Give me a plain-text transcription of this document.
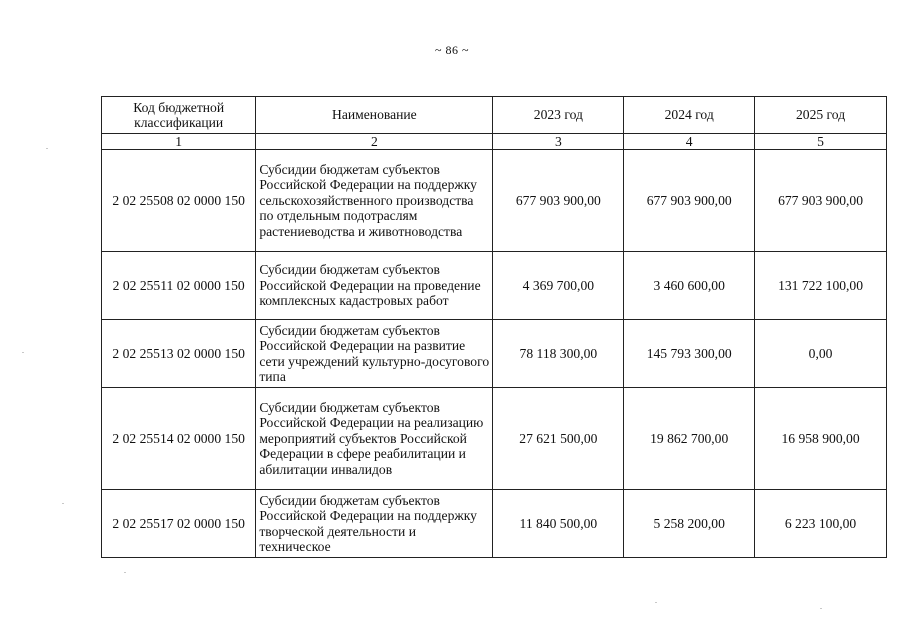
~ 86 ~
Код бюджетной классификации	Наименование	2023 год	2024 год	2025 год
1	2	3	4	5
2 02 25508 02 0000 150	Субсидии бюджетам субъектов Российской Федерации на поддержку сельскохозяйственного производства по отдельным подотраслям растениеводства и животноводства	677 903 900,00	677 903 900,00	677 903 900,00
2 02 25511 02 0000 150	Субсидии бюджетам субъектов Российской Федерации на проведение комплексных кадастровых работ	4 369 700,00	3 460 600,00	131 722 100,00
2 02 25513 02 0000 150	Субсидии бюджетам субъектов Российской Федерации на развитие сети учреждений культурно-досугового типа	78 118 300,00	145 793 300,00	0,00
2 02 25514 02 0000 150	Субсидии бюджетам субъектов Российской Федерации на реализацию мероприятий субъектов Российской Федерации в сфере реабилитации и абилитации инвалидов	27 621 500,00	19 862 700,00	16 958 900,00
2 02 25517 02 0000 150	Субсидии бюджетам субъектов Российской Федерации на поддержку творческой деятельности и техническое	11 840 500,00	5 258 200,00	6 223 100,00
